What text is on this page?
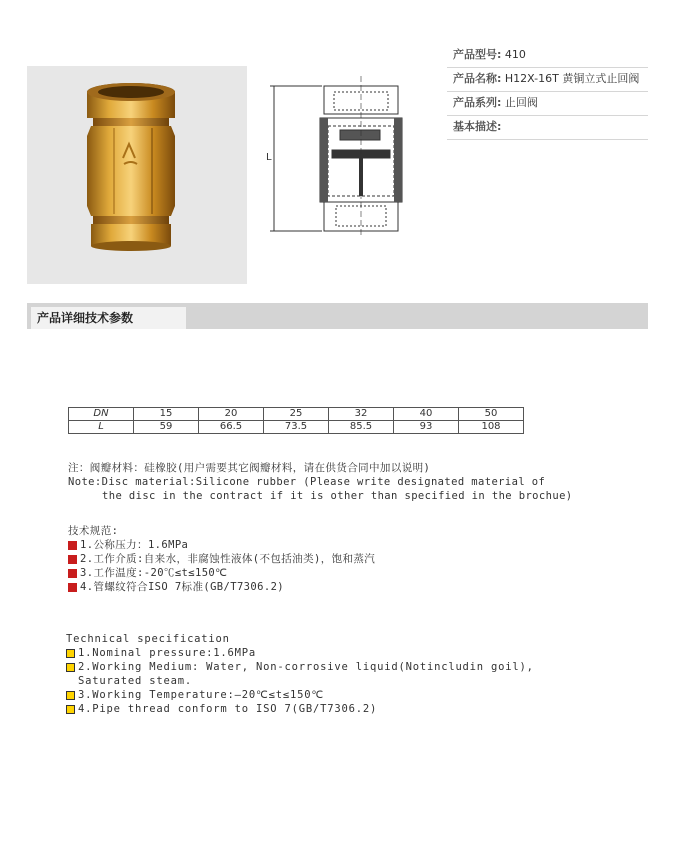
L
产品型号: 410
产品名称: H12X-16T 黄铜立式止回阀
产品系列: 止回阀
基本描述:
产品详细技术参数
DN	15	20	25	32	40	50
L	59	66.5	73.5	85.5	93	108
注：阀瓣材料：硅橡胶(用户需要其它阀瓣材料，请在供货合同中加以说明)
Note:Disc material:Silicone rubber (Please write designated material of
the disc in the contract if it is other than specified in the brochue)
技术规范:
1.公称压力：1.6MPa
2.工作介质:自来水，非腐蚀性液体(不包括油类)，饱和蒸汽
3.工作温度:-20℃≤t≤150℃
4.管螺纹符合ISO 7标准(GB/T7306.2)
Technical specification
1.Nominal pressure:1.6MPa
2.Working Medium: Water, Non-corrosive liquid(Notincludin goil),
Saturated steam.
3.Working Temperature:—20℃≤t≤150℃
4.Pipe thread conform to ISO 7(GB/T7306.2)
